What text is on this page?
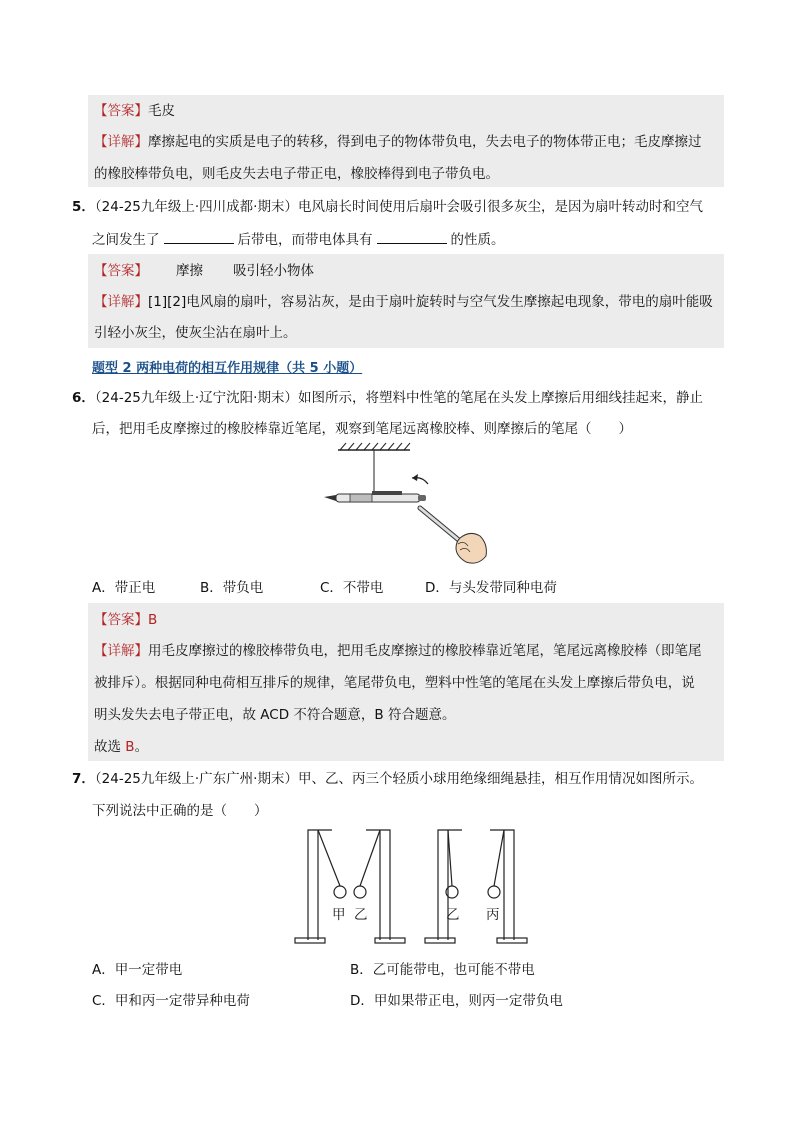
【答案】毛皮
【详解】摩擦起电的实质是电子的转移，得到电子的物体带负电，失去电子的物体带正电；毛皮摩擦过
的橡胶棒带负电，则毛皮失去电子带正电，橡胶棒得到电子带负电。
5．（24-25九年级上·四川成都·期末）电风扇长时间使用后扇叶会吸引很多灰尘，是因为扇叶转动时和空气
之间发生了	后带电，而带电体具有	的性质。
【答案】 摩擦 吸引轻小物体
【详解】[1][2]电风扇的扇叶，容易沾灰，是由于扇叶旋转时与空气发生摩擦起电现象，带电的扇叶能吸
引轻小灰尘，使灰尘沾在扇叶上。
题型 2 两种电荷的相互作用规律（共 5 小题）
6．（24-25九年级上·辽宁沈阳·期末）如图所示，将塑料中性笔的笔尾在头发上摩擦后用细线挂起来，静止
后，把用毛皮摩擦过的橡胶棒靠近笔尾，观察到笔尾远离橡胶棒、则摩擦后的笔尾（　　）
A．带正电	B．带负电	C．不带电	D．与头发带同种电荷
【答案】B
【详解】用毛皮摩擦过的橡胶棒带负电，把用毛皮摩擦过的橡胶棒靠近笔尾，笔尾远离橡胶棒（即笔尾
被排斥）。根据同种电荷相互排斥的规律，笔尾带负电，塑料中性笔的笔尾在头发上摩擦后带负电，说
明头发失去电子带正电，故 ACD 不符合题意，B 符合题意。
故选 B。
7．（24-25九年级上·广东广州·期末）甲、乙、丙三个轻质小球用绝缘细绳悬挂，相互作用情况如图所示。
下列说法中正确的是（　　）
甲 乙	乙 丙
A．甲一定带电	B．乙可能带电，也可能不带电
C．甲和丙一定带异种电荷	D．甲如果带正电，则丙一定带负电
